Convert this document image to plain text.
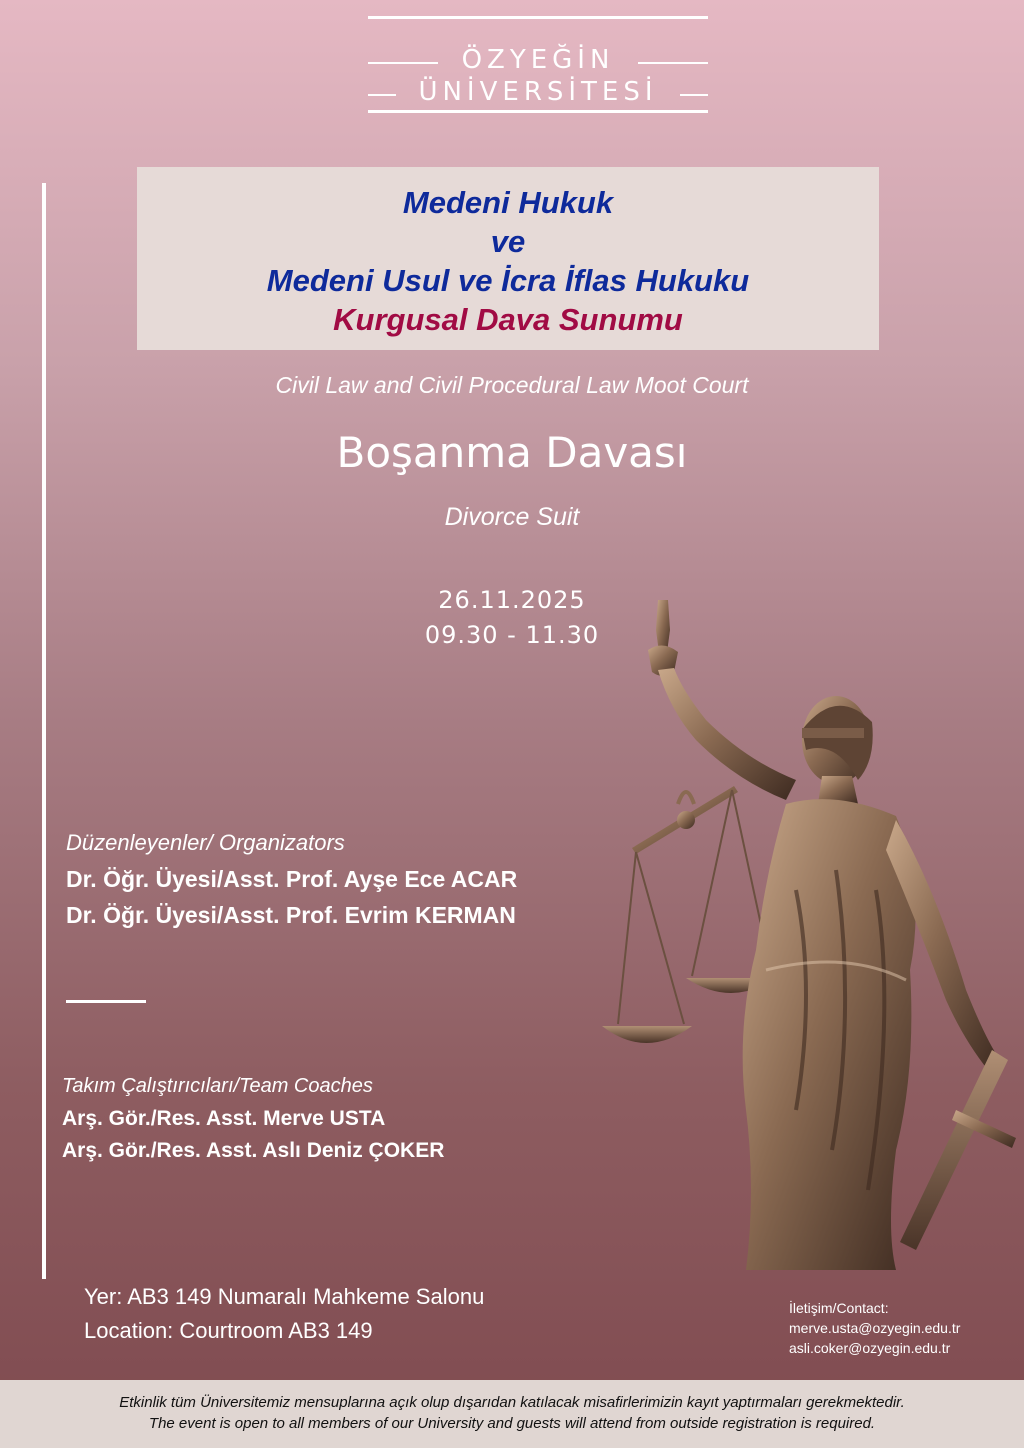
ÖZYEĞİN
ÜNİVERSİTESİ
Medeni Hukuk
ve
Medeni Usul ve İcra İflas Hukuku
Kurgusal Dava Sunumu
Civil Law and Civil Procedural Law Moot Court
Boşanma Davası
Divorce Suit
26.11.2025
09.30 - 11.30
Düzenleyenler/ Organizators
Dr. Öğr. Üyesi/Asst. Prof. Ayşe Ece ACAR
Dr. Öğr. Üyesi/Asst. Prof. Evrim KERMAN
Takım Çalıştırıcıları/Team Coaches
Arş. Gör./Res. Asst. Merve USTA
Arş. Gör./Res. Asst. Aslı Deniz ÇOKER
Yer: AB3 149 Numaralı Mahkeme Salonu
Location: Courtroom AB3 149
İletişim/Contact:
merve.usta@ozyegin.edu.tr
asli.coker@ozyegin.edu.tr
Etkinlik tüm Üniversitemiz mensuplarına açık olup dışarıdan katılacak misafirlerimizin kayıt yaptırmaları gerekmektedir.
The event is open to all members of our University and guests will attend from outside registration is required.
